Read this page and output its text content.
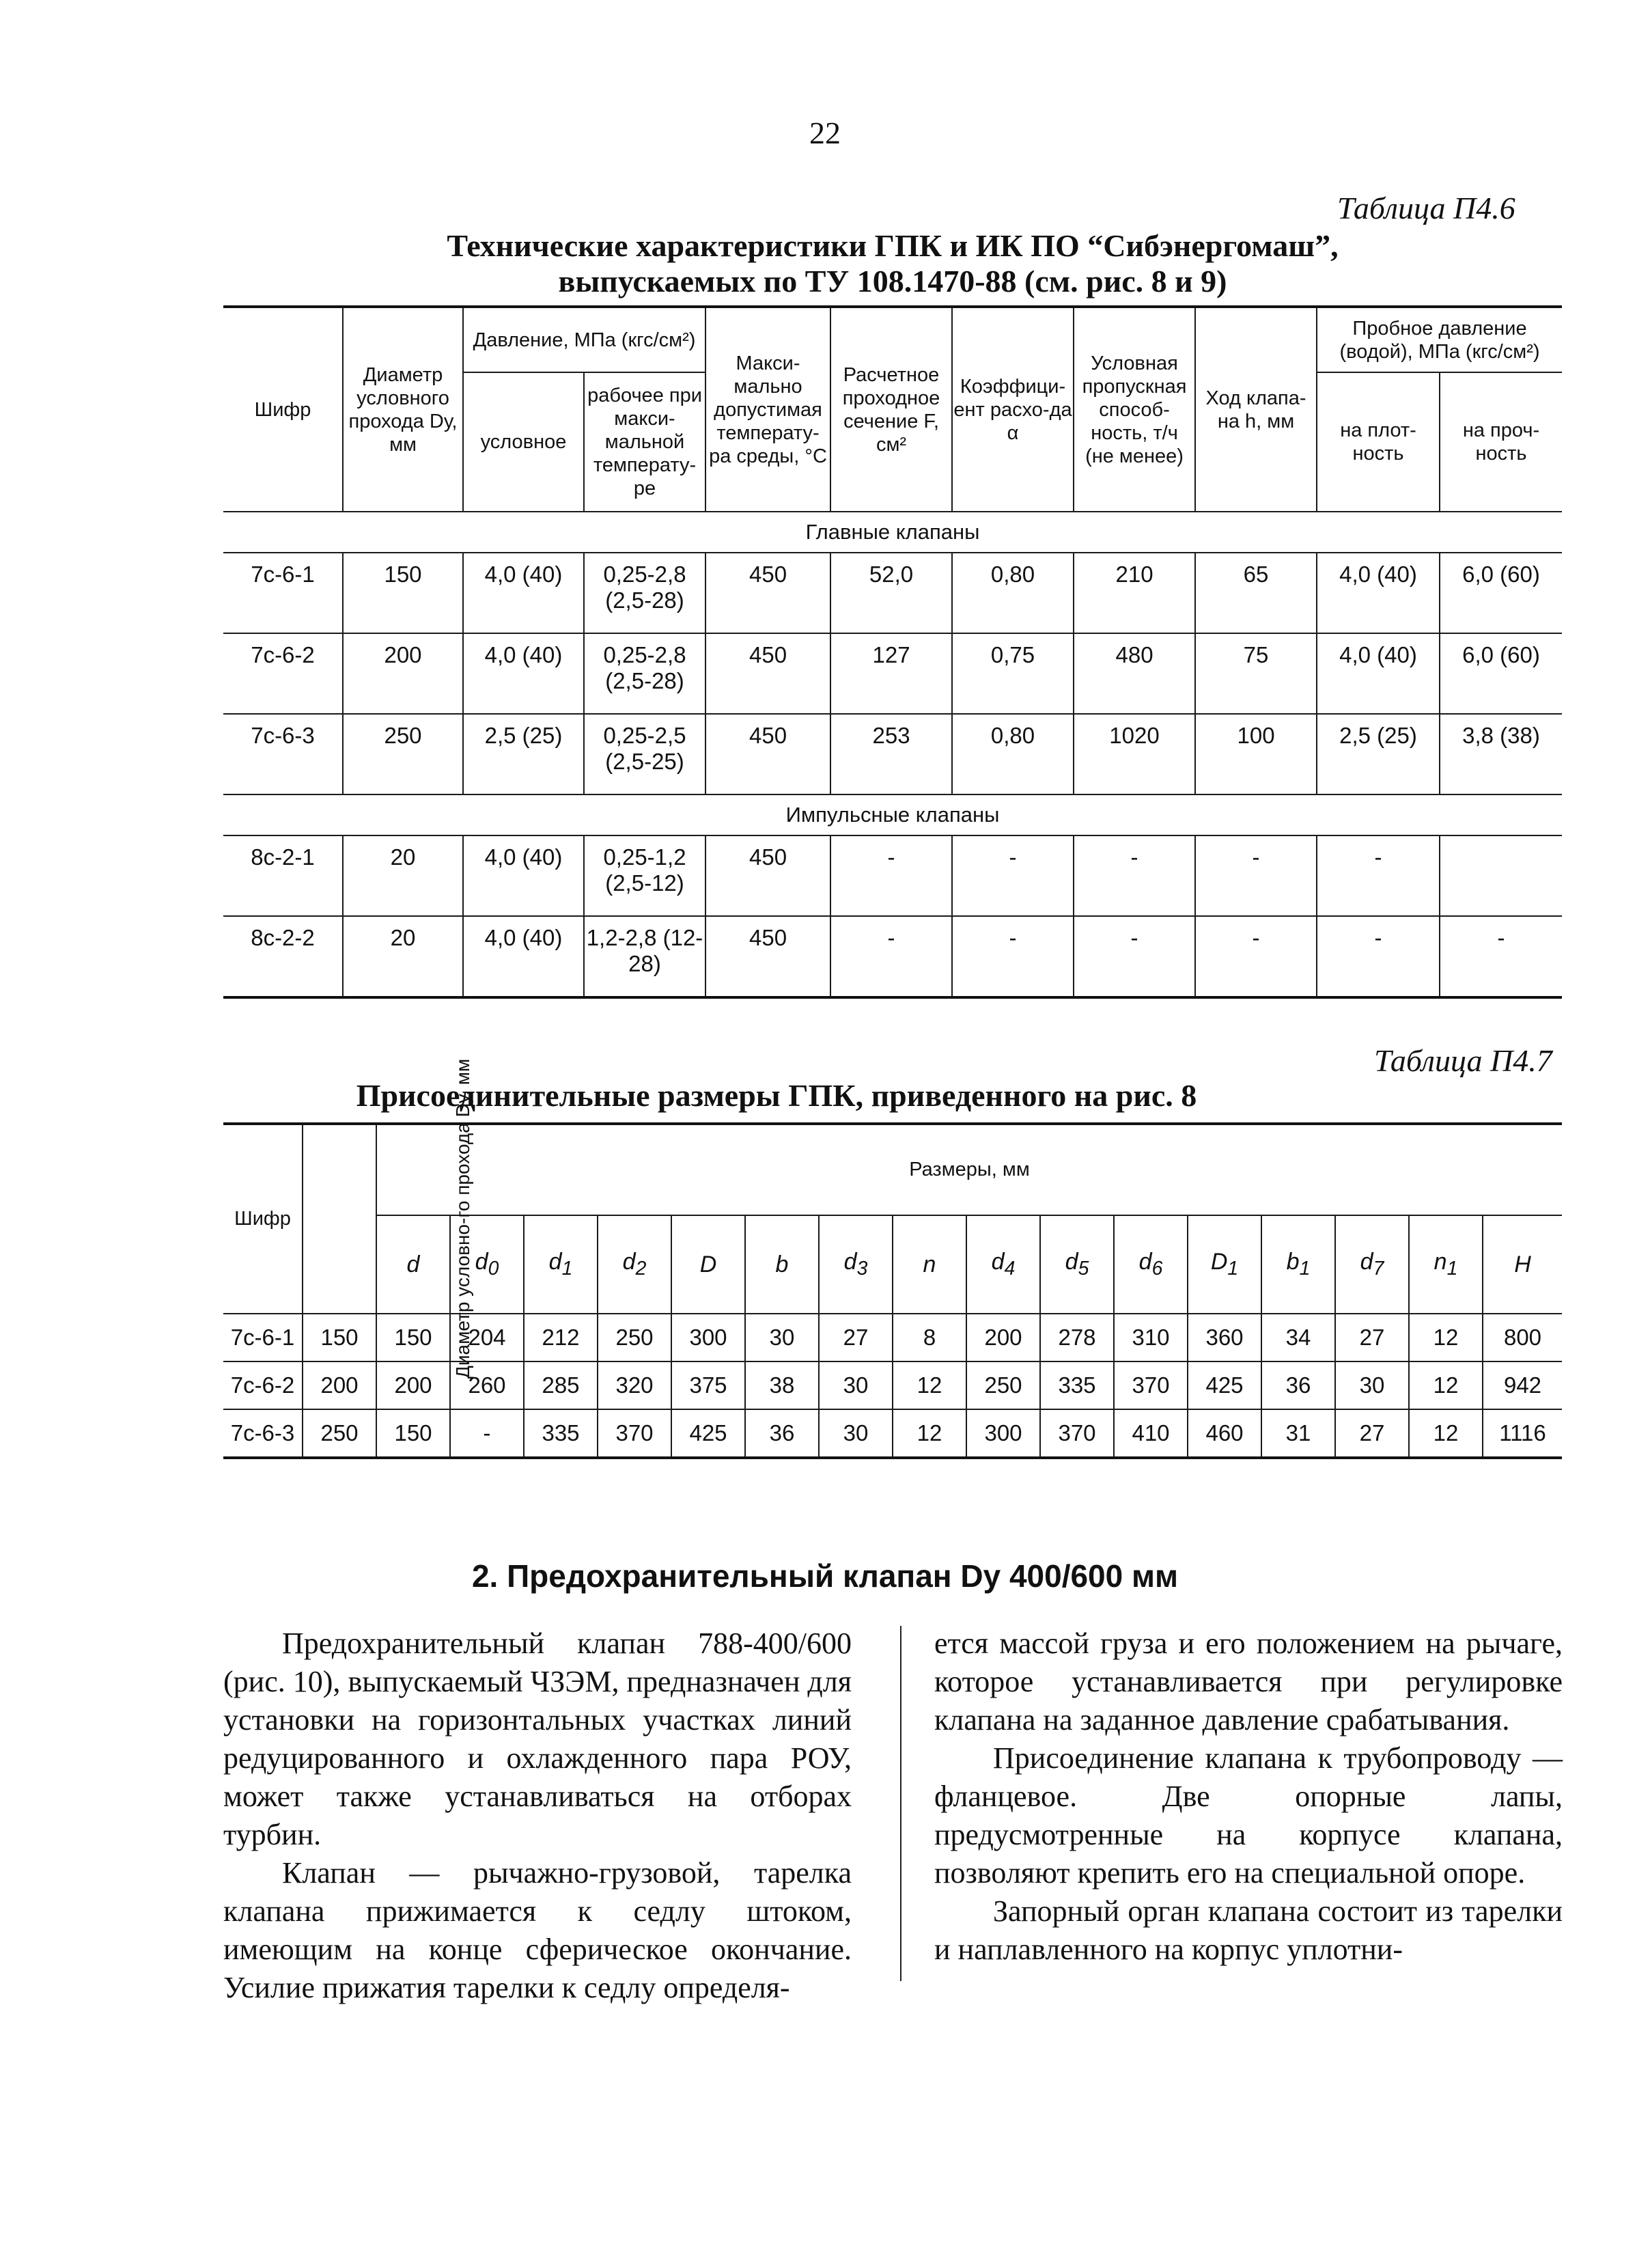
22
Таблица П4.6
Технические характеристики ГПК и ИК ПО “Сибэнергомаш”,
выпускаемых по ТУ 108.1470-88 (см. рис. 8 и 9)
Шифр	Диаметр условного прохода Dу, мм	Давление, МПа (кгс/см²)		Макси-мально допустимая температу-ра среды, °С	Расчетное проходное сечение F, см²	Коэффици-ент расхо-да α	Условная пропускная способ-ность, т/ч (не менее)	Ход клапа-на h, мм	Пробное давление (водой), МПа (кгс/см²)	
		условное	рабочее при макси-мальной температу-ре						на плот-ность	на проч-ность
Главные клапаны										
7с-6-1	150	4,0 (40)	0,25-2,8 (2,5-28)	450	52,0	0,80	210	65	4,0 (40)	6,0 (60)
7с-6-2	200	4,0 (40)	0,25-2,8 (2,5-28)	450	127	0,75	480	75	4,0 (40)	6,0 (60)
7с-6-3	250	2,5 (25)	0,25-2,5 (2,5-25)	450	253	0,80	1020	100	2,5 (25)	3,8 (38)
Импульсные клапаны										
8с-2-1	20	4,0 (40)	0,25-1,2 (2,5-12)	450	-	-	-	-	-	
8с-2-2	20	4,0 (40)	1,2-2,8 (12-28)	450	-	-	-	-	-	-
Таблица П4.7
Присоединительные размеры ГПК, приведенного на рис. 8
Шифр	Диаметр условно-го прохода Dу, мм	Размеры, мм															
		d	$d_0$	$d_1$	$d_2$	D	b	$d_3$	n	$d_4$	$d_5$	$d_6$	$D_1$	$b_1$	$d_7$	$n_1$	H
7с-6-1	150	150	204	212	250	300	30	27	8	200	278	310	360	34	27	12	800
7с-6-2	200	200	260	285	320	375	38	30	12	250	335	370	425	36	30	12	942
7с-6-3	250	150	-	335	370	425	36	30	12	300	370	410	460	31	27	12	1116
2. Предохранительный клапан Dу 400/600 мм

Предохранительный клапан 788-400/600 (рис. 10), выпускаемый ЧЗЭМ, предназначен для установки на горизонтальных участках линий редуцированного и охлажденного пара РОУ, может также устанавливаться на отборах турбин.

Клапан — рычажно-грузовой, тарелка клапана прижимается к седлу штоком, имеющим на конце сферическое окончание. Усилие прижатия тарелки к седлу определя-

ется массой груза и его положением на рычаге, которое устанавливается при регулировке клапана на заданное давление срабатывания.

Присоединение клапана к трубопроводу — фланцевое. Две опорные лапы, предусмотренные на корпусе клапана, позволяют крепить его на специальной опоре.

Запорный орган клапана состоит из тарелки и наплавленного на корпус уплотни-
